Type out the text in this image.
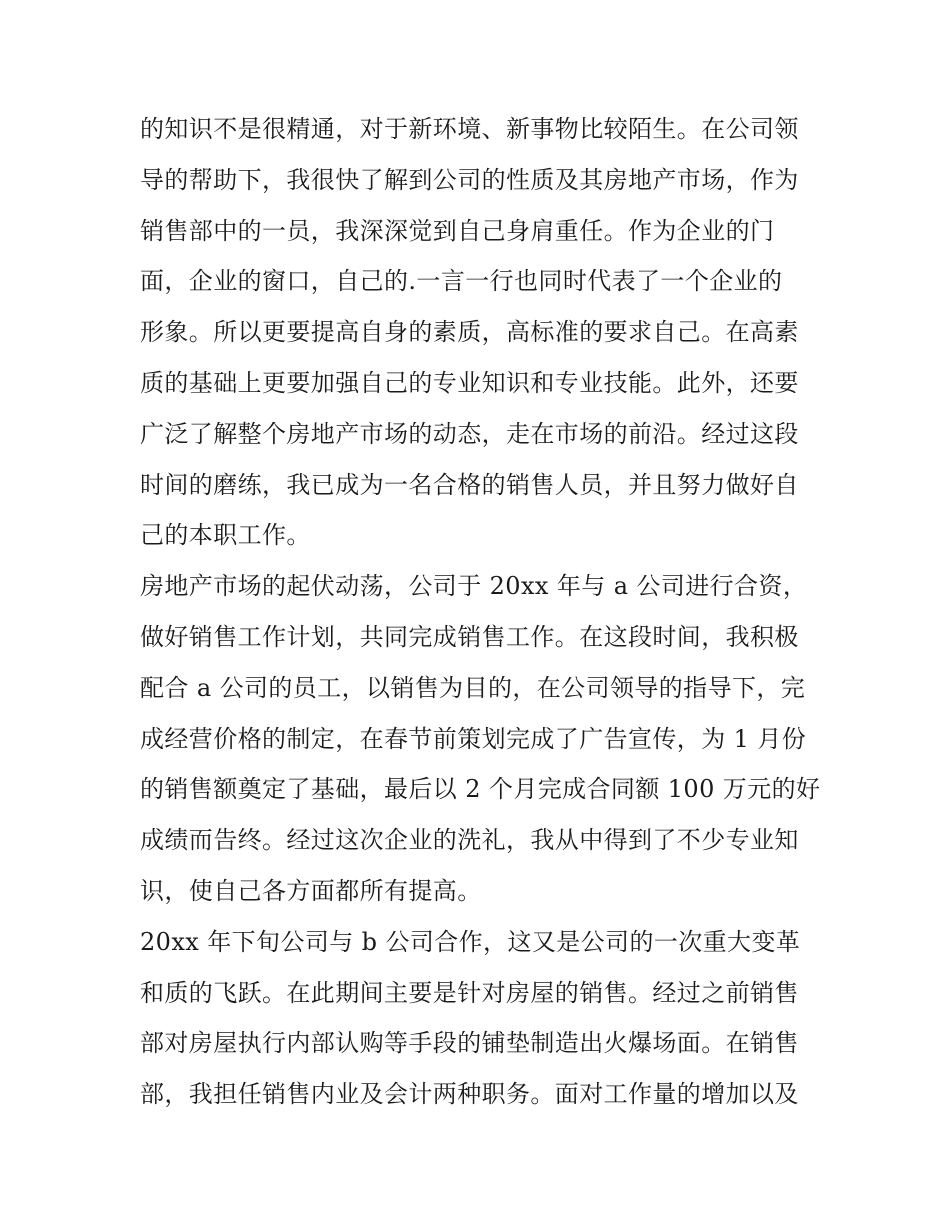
的知识不是很精通，对于新环境、新事物比较陌生。在公司领
导的帮助下，我很快了解到公司的性质及其房地产市场，作为
销售部中的一员，我深深觉到自己身肩重任。作为企业的门
面，企业的窗口，自己的.一言一行也同时代表了一个企业的
形象。所以更要提高自身的素质，高标准的要求自己。在高素
质的基础上更要加强自己的专业知识和专业技能。此外，还要
广泛了解整个房地产市场的动态，走在市场的前沿。经过这段
时间的磨练，我已成为一名合格的销售人员，并且努力做好自
己的本职工作。
房地产市场的起伏动荡，公司于 20xx 年与 a 公司进行合资，
做好销售工作计划，共同完成销售工作。在这段时间，我积极
配合 a 公司的员工，以销售为目的，在公司领导的指导下，完
成经营价格的制定，在春节前策划完成了广告宣传，为 1 月份
的销售额奠定了基础，最后以 2 个月完成合同额 100 万元的好
成绩而告终。经过这次企业的洗礼，我从中得到了不少专业知
识，使自己各方面都所有提高。
20xx 年下旬公司与 b 公司合作，这又是公司的一次重大变革
和质的飞跃。在此期间主要是针对房屋的销售。经过之前销售
部对房屋执行内部认购等手段的铺垫制造出火爆场面。在销售
部，我担任销售内业及会计两种职务。面对工作量的增加以及
